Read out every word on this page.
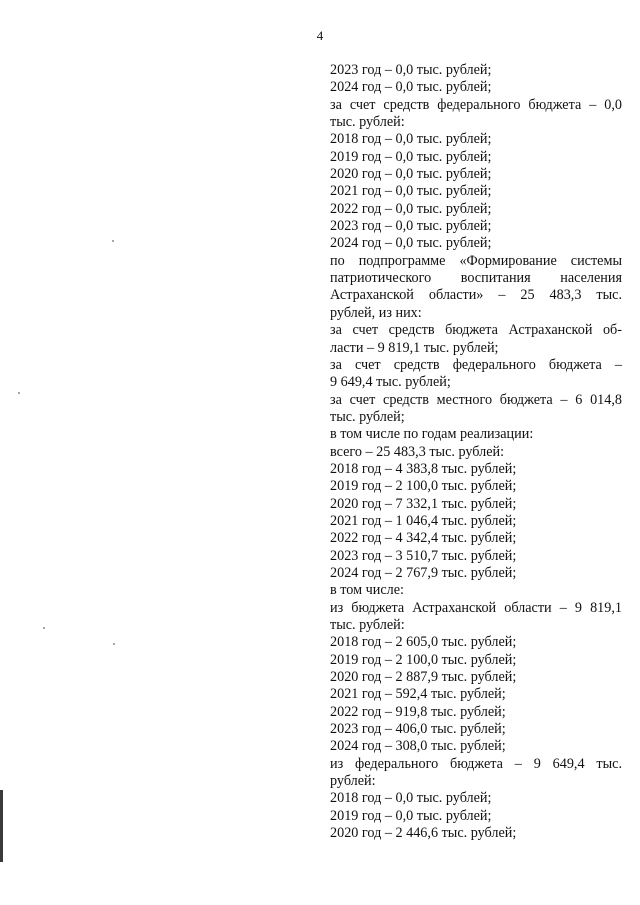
4
2023 год – 0,0 тыс. рублей;
2024 год – 0,0 тыс. рублей;
за счет средств федерального бюджета – 0,0
тыс. рублей:
2018 год – 0,0 тыс. рублей;
2019 год – 0,0 тыс. рублей;
2020 год – 0,0 тыс. рублей;
2021 год – 0,0 тыс. рублей;
2022 год – 0,0 тыс. рублей;
2023 год – 0,0 тыс. рублей;
2024 год – 0,0 тыс. рублей;
по подпрограмме «Формирование системы
патриотического воспитания населения
Астраханской области» – 25 483,3 тыс.
рублей, из них:
за счет средств бюджета Астраханской об-
ласти – 9 819,1 тыс. рублей;
за счет средств федерального бюджета –
9 649,4 тыс. рублей;
за счет средств местного бюджета – 6 014,8
тыс. рублей;
в том числе по годам реализации:
всего – 25 483,3 тыс. рублей:
2018 год – 4 383,8 тыс. рублей;
2019 год – 2 100,0 тыс. рублей;
2020 год – 7 332,1 тыс. рублей;
2021 год – 1 046,4 тыс. рублей;
2022 год – 4 342,4 тыс. рублей;
2023 год – 3 510,7 тыс. рублей;
2024 год – 2 767,9 тыс. рублей;
в том числе:
из бюджета Астраханской области – 9 819,1
тыс. рублей:
2018 год – 2 605,0 тыс. рублей;
2019 год – 2 100,0 тыс. рублей;
2020 год – 2 887,9 тыс. рублей;
2021 год – 592,4 тыс. рублей;
2022 год – 919,8 тыс. рублей;
2023 год – 406,0 тыс. рублей;
2024 год – 308,0 тыс. рублей;
из федерального бюджета – 9 649,4 тыс.
рублей:
2018 год – 0,0 тыс. рублей;
2019 год – 0,0 тыс. рублей;
2020 год – 2 446,6 тыс. рублей;
